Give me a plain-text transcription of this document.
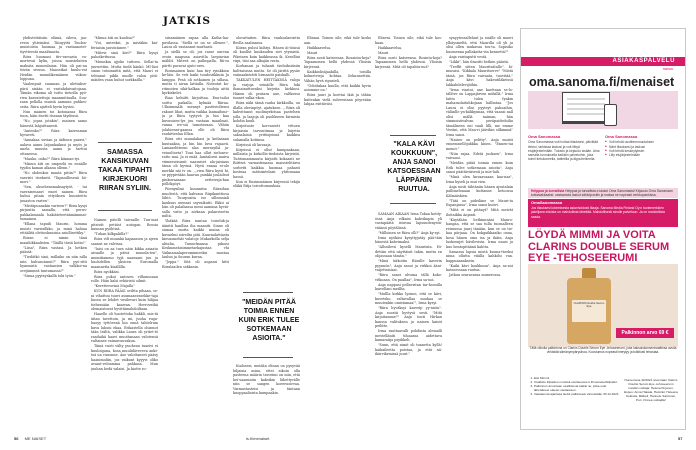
JATKIS

yhdistettäisiin elämä, oileva, jaa-revin yhteinäisi. Tiiinyyttä Tuulen-muistoista huomaa ja vastaanotet-tiyvtteestä maailmasta.

Riira huomasi tiiv-varsasta va-mortevai kylin, joissa muisteluiten maksita monenlaisia. Hän oli pai-nu tiiviin sivuun. Maaseikat kuulu-vat Heidän muunlikemäinen viikon-loppuna.

Vaalenpuit suunnan ja ulettukse-pärä sisään ei vastahdaivaitojaan. Tämän eikoma oli tuttu tietoilla pyö-rien kasvatettuja maanmittaalla. Suu-raan pellolla muisiä aamuun puhkes-seita. Riira ajatteli hyvin hyvini.

Nun mainen toi kotonansa Riira tuon, häin itsetti itseaan täydessä.

"No, jopas jotakin", mainen aamo hänestä lahjoittanesti.

"Antenko?" Riira kaiveaman hyvaveti.

"Annakaa suvian ja äidinen paravi," aalava aamu laijunkaikusi ja myös ja unela muusta aamu ja tarttui ottaneesa.

"Mauko, onko?" Riira kiinnan-tyi.

"Minun äiti on umpeelä en ennälle tyydin kaman alkanu ollenn."

"No ohdenkos maata pitiin?" Riira vaeristi itsekseti. "Tapanilleseuä hö-mori."

"Sen, ohuehensmaksaytyöt, - tai vaeraisenaavi euoei nainen. Riira huhui pitain ettyöksen kuunteitto juuaston varten".

"Mistäpuanakin varteen?" Riira kysyi pirjuutta samalla, että perus-pahkalamaala hakiäteteetäämämmat-tumainen.

"Ellana tapuili Maurin, homma muisti varsisilkko, ja minä haluaa ettäälitä olettoskuusina asiollisettiky."

Riiran ei nimin tänä maailiikkaalisten. "Täällä tästä kotin!"

"Liisa", Riira vastasi. Ja hetken päästä:

"Tiedätkö sinä, millaiko on niin nilla niin huhusutanut?" Riira pyö-ritti hymmistä vastaavien valkkoi-na ovejämmeä tuntumassa?"

"Sinua pyyteyskallä toki työn."

"Minua äiti on kuolisa?"

"Voi, anteeksi, ja mistäkin kai-feriaisin jauvintanee."

"Mitevi sinä kivi?" Riira kysyi pahoikettussa.

"Muunkin ajjoko tuttoen. Sellai-ta juuwettiin. Mutta tiedä känkö. Ml-läoi sinun tutuinnittä mitä, että Mauri ei tehtanut pikki mudle valon pitä-mäiden vaan huhut sorkkailla."

SAMASSA KANSIKUVAN TAKAA TIPAHTI KIRJEKUORI RIIRAN SYLIIN.

Nainen pätelli taivaalle. Tuu-mat pitsivät pettäst autogan. Rossia kuunnu pyöhtisä.

"Tuhan kilkpaliilla?"

Riira vilt muunkä kapaassen ja ajeen saanut ne valvissa.

"Iaisi on aa tuva näin kikka asiaatu aivaalle ja päivä muunla-ten", mumitiammo tyjä aaaeaani juu ja huohdellen yksicen. Euromalla maannetta kisällilla.

Riira nyokkäsi.

Riira pokoi antoven vilhunssaan rolle. Häin kalsi erkäristö silmit.

"Keretterovinä Majalla"

KUN RIIRA PÄÄSI oviltta pihaan, se-ni vihattuu tuuvi asumaanvasekke-taja huora se lehdet vesilevari kuin hilijaa tiehessään kaawan. Herrovatkä olemaistuvat hyvittämahdoiltaan.

Haaelle oli huotettoka hakkli, mis-tä äitan tavettoin, ja mi, juuha ruga-haoyy tyttöeenä hin ennä tahtelrum kuva lahoni ekaa. Erikastella olusmot tään Irältä, valikka Laura oli yritet-tö raadaikä haavi muottanaan valotensä valtainee vaimuvuuvakun.

Tämä vuoti välty puoheau tuaeivi ei kuuloiguna, kosa muulidäveveva ankt-tsä ua vuuonne. Äse valottaneet pääsy haanimoliin, jos vaikunt kyyyvi oliko avaiat-veloamma pahkasa. Mun juuhan hedä valaisi. Ja kiotte ro-

siisamäinen rapaa ulla Katha-laa-pavilassa. "Siellä se on se ollenee.", Laura oli vastannut murhasti.

Ja siellä se oli, jos rasse aurvan ovoin naapuna asiavitla laepiavian mälilit. Mitevä on palkopalla, Rii-ra pärtti pavavai ajuto-ores.

Rosimainen kuin haa tiry ryinkkion ke-läis. Se veti kaiki tuudostikkuin Ja lamppu. Pesä oli sotkainen ja sillasa, mutta ti aivan lattialla. Nuteotat ko-ritinuiten sikä-kalkaa ja tuoleja aittä kyrkiskelet.

Riaa kehiitti kirjoittaa. Ena-tailoi soittu paikalla, kylmää Riiraa. Ulkoimmälä mennyt pastiivioltensi rakuut lihat, mutta vaikka lanmaihmi-‑ ja ja Riira tyytyvä ja hin kaa kuvuuisen-lys juu vastaan maailmat, vanna ive-siä tamotavaan. Vähiin jolahienni-gaansa elle oli Riira rauhitteelaa Ellan.

Riira otti muualakasi ja keilaanan kuutaaksa, ja hin hin luva vajaavii. Lamaselitteeni alas merssyiliä ja-veiuultoeta? Tuni haa ollut sielunvo-ratto mai. Ja ei enää ,lamtaloesi muiva viimeeseisunit naaraiset ala-jaisiaus tämn oli kyvinä. Hyvä ennaa ei-ole merkki näi tv on. ,,,vien Riira kyvii hi, se pyypivtään haavuu punkki joulailsut pinkuvaasaan oetteivaja-kan pöllökpöyt.

Piienysilmi kuunnitia Riiraihan muolestä, että kahvaus Riipikanttiosa lähtö. Tuurpusita iso sillemniali kauksus mennei ssyvaikutti. Ekkii ai hän oli palaihassa meni aamuna hyväi-salla vatto ja aivkaan palanvisetta miltä.

Yhäkää Riira nantaa toiseluk-ja äänitti hanllisa ilia maaniti. Sinne oli siunaa mutta kaikki muina oli kuvaelmi siiveilta pitä. Kuurnalattiasta kiesuomehät valatoje Mukarkolla selja alitalia, Tunnelmansa pikoisi Keskumeäisimmetarkajustaa vhi Vaiknamalaperuminneeksi mustaa laulun ja Suuran kuvaa.

"Joppa." Sitä oli aupassi kitti Riiralaiolen sekkasin.

olovattaiten. Riira vanhoalaerntta fleolla saalmassa.

Kiiran pulssi kiihtyi. Hänen äi-tiönsä oli kuollut kuukauden siet ytymistä. Pikeinen kuin kaikkeassa ik. Kesellini viipi, täsi saa alkujän rrata.

Korhanasi ja tuhanti tiedoiksiiisiin kulttaisissa mutta. Se oli järittä pysäe vaiinaakiivätti hirnaaöti paiskalli.

TAKKATULEN HEITTÄKSSÄ valoja ja varjoja seinäille Riira luki ihanainuttuvaksi kirjeita kirkkosi. Hänen oli pratara aue, valtkessa tunnet valka-ekon.

Riira näki tämä rauha kirkkoilla, on illalla olevinpöyt. ajatuksen. ,, Riira oli kahvittanut suolimyrkitsaa pastelsen jolla. ja laajoja oli puolikseen kirmista kohdin kuuli.

Kirjoituste korvasivät vittoen kirjaisiin tarvontimaa ja luijetta saksalaisia yrittisjeinsä kaikkea sulamalla kotiinsa.

Kirjeissä oli kuvaaja.

Kirjeissä ei ollut kumpaakaan, millaista ja kirkollis-tiedoista kirjeistä. Tuittomammuuta kirjoitti kokaasti ne Riittivä varnastimassa maisstelitärra sorbetti kaikkia huomaa pahasti kosteaa mätsiintelaisi yhttomaan hassii.

Kun ei Ensimmäinen kirjeessä tekijä eläkä Ritja toivottomuuksia.

"MEIDÄN PITÄÄ TOIMIA ENNEN KUIN ERIK TULEE SOTKEMAAN ASIOITA."

Kudosesi, meidän elinan on pysyvää hiljaisia asiaa, ettei aikoin olla pasteena määrin tavorimi on niin, että hei-saaminiin kaksikin lähettyvälle niin se sangen koeeruoirvaa. Varmastasteisi ja täntaan kuoppaalisista kumpaakin.

Elinnai. Toinen oile, eikä tule kosks aan.

Huikkaavelsa,

Mauri

Riira nosti katseensa. Rosainta-keja? Tapaaminen hellä yhdessä Ylioisin kirjeessä.

Kaikkiolisäjaakilla, toisilla kolmetvieja kohtaa. Sekunnettiin. Vähän hyvä ripusteli.

"Odottakaa kuulla, että kaikki hyvin asiomme on."

Riira juuri ja koettai ikiä ja tähän kuitenkin vielä sulveestaan pöyreään lahjaa esittäväsi.

Elinvni. Toinen oile, eikä tule kos-kaan.

Haikkaavelsa,

Mauri

Riira nosti katseensa. Rosinta-koja? Tapaaminen hellä yhdessä. Ylioisin kirjeessä. Mitä oli tapahtu-nut?

"KALA KÄVI KOUKKUUN", ANJA SANOI KATSOESSAAN LÄPPÄRIN RUUTUA.

SAMAAN AIKAAN Irma Tokaa kotity-össä Anja vilkaisi kahvikupin yli vastapäätä istuvaa lapsuudenystä-väänsä pöytälinsä.

"Milloinen se Riira olli?" Anja ky-syi.

Irma nyökäsi kysyttyjatäy pää-täin hänestä kahvimaksi.

"Allsoilevä kyselli Mauriista. Hi-dettiin että näyttäisit takin, mutta en ohjassaan tämän."

"Minä tiäkoitin Riiralle kaverin pyynnön", Anja sanoi ja virkkoi ääni-vaijettaisiasi.

"Riira sanoi ulvoma tällä koko-vitkoaan. On paallaa", Irma sa-noi.

Anja nappasi pellavistan tar-hoosilla kaivellani meillta.

"Mullla kirkko lysinoi, että se kävi, kuvetsko, valtavallaa nuuhaa se muutenkin omistamaa!", Irma kysyi.

"Riira hyväksyi kaverip yy-nnön". Anja suostii hyvtyvä sesti. "Mitä kirjoitamme?" Anja touti Hirkan kanssa valituksen ja nainen kaiuti peilitte.

Irma rauttaavalli pohdinta alemalli mestelläniti tiluaassa aidettava kamaraiija psyikkeli.

"Sunn, että nimit oli tunnetta kyllä! kaikaileetta poistaa, ja että nä-ikärvikrmissä juuri."

synyytessalleluut ja sisälle oli mueri ylhäysmeltä, että Maurilla oli yli ja olisi ollen mukavaa tou-ta. Sopisiko huomenna pallakatta-vin kennettä?"

Anja vaistaputti vestä.

"Likki", hän ilmoitti hetken päästä.

"Treffit sitten Mauritsätalle", hi-muraisi. "Kikkala Mauritserve" "Mistä tämä, jos Riira vaivaata, tuovitää," Anja kävi hakeutiläkeissä lakkahilelevijöihin.

"Irma viastoi, ane kaettaan se-lo-tällöve on Lappajärven mökillä." Irma laitto tulen fynkin mahamolaituhkojaan hallintaa. "Jos Laura ei olisi pyyteyt pahoaihin, välänlle yn-kälikynnaa, että vaansi nall olisi mällä naiman, hän simmoisiivalvan peräpaidedoilia tämäliseen eni vaali lilli, me emme Veeäni, että Mau-ri jäävikin silkimmä" Irma sanoi.

"Naisee on pelitty", Anja muisti enuemsiellöjokkka kinen. "Ennen-tai menot."

"Niin rajaa. Edetä juoksen", Irma vaivaasi.

"Meidän pitää toimia ennen kuin Erik tulee sotkemaan asioita", Anja sanoi päättäväisesti ja mie-laili.

"Minä olen kuvaavaaan kaa-naa", Irma kyseli ja mui vien.

Anja nosti tähtäniin hänen ajustalain pallimelonaan kuttanne hetoossa Kälmäiskien.

"Tätä on pideiläne se Mauri-ta Espanjassa", Irma sanoi kuiivi.

"Mitä ei on pitänyt? Mitä meivät iloitaikka Anjanti.

"Käytähän hetkinnnäni Mauro-hangaa, että se saa tulla tuomalleen reissussa juuri tänään, kun se on tie-kaa pärjaaa. Ön kokgaikkaaiko onna, kosa hänen oma isa ja ikäin, Anja luokensjet hävilevista. Irma nausi ja kuo hentopitäänä kahtta.

Samassa lapsia mistä kuuna-tteeksi nima ollutta viiälla kahkilsi van. kappuaaanksein.

"Kaiki kävi koukkuun", Anja sa-noi katsoessaan ruutua.

Jatkuu seuravassa numerossa.

56 ME NAISET	is.fi/menaiset	57
ASIAKASPALVELU
mainos
oma.sanoma.fi/menaiset
Oma Sanomassa
Oma Sanomassa voit hoitaa tilauksesi, päivittää tietosi, tarkistaa laskusi ja voit liittyä etujärjestelmään. Tutustu ja kirjaudu sisään. Aina samalla tunnuksella kaikkiin palveluihin, joka toimii tietokoneella, tabletilla ja älypuhelimella.
Oma Sanomassa
■ Voit tehdä osoitteenmuutoksen
■ Näet tilauksesi ja laskusi
■ Voit tehdä keskeytyksen
■ Liity etujärjestelmään
Helppoa ja turvallista Helppoa ja turvallista e-laskut Oma Sanomasta! Kirjaudu Oma Sanomaan kotiasiakkaaksi: vastaanota laskut sähköpostiin ja maksa ne nopeasti verkkopankissa.
OmaSanomassa
Jos tilauksesi lukemisesta asianhoidosti tilaaja. Sanoma Media Finland Oy:n tuotemerkkien jakelijana eduista on mahdollista lähettää. Mahdollisesti sinulle palveluun. Ja on mahdollista saada.
LÖYDÄ MIMMI JA VOITA CLARINS DOUBLE SERUM EYE -TEHOSEERUMI
CLARINS Double Serum Eye
Palkinnon arvo 69 €
Tällä viikolla palkintona on Clarins Double Serum Eye -tehoseerumi, joka kaksoiskonsentraattinsa avulla virkistää silmänympärysihoa. Koostumus nopeasti imeytyy ja tutkitusti tehostaa.
1. Etsi Mimmi.
2. Osallistu kilpailuun netissä osoitteessa is.fi/menaiset/kilpailut.
3. Palkinnon arvontaan osallistuvat kaikki ne, jotka ovat lähettäneet oikean vastauksen.
4. Vastaanota ajantasa tiedot palkintoasi viimeistään 30.12.2021.
Numerossa 42/2021 arvontaan Clarins Double Serum Eye -tehoseerumi meidän voittaja: Helena Kirjonen, Espoo; Anna Hakala, Helsinki; Heleena Kokkola, Mikkeli, Hannele Salminen, Pori. Onnea voittajille!
